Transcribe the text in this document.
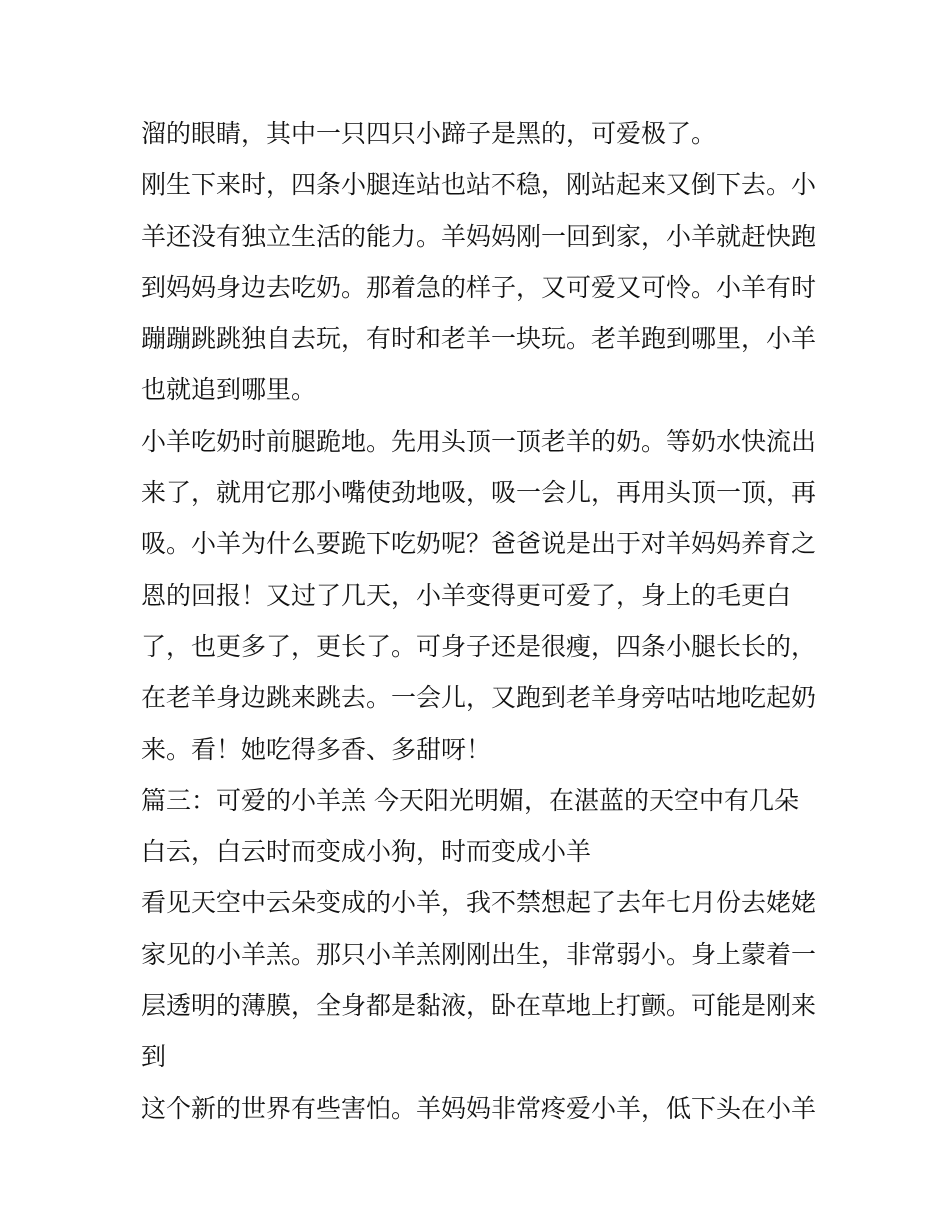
溜的眼睛，其中一只四只小蹄子是黑的，可爱极了。
刚生下来时，四条小腿连站也站不稳，刚站起来又倒下去。小
羊还没有独立生活的能力。羊妈妈刚一回到家，小羊就赶快跑
到妈妈身边去吃奶。那着急的样子，又可爱又可怜。小羊有时
蹦蹦跳跳独自去玩，有时和老羊一块玩。老羊跑到哪里，小羊
也就追到哪里。
小羊吃奶时前腿跪地。先用头顶一顶老羊的奶。等奶水快流出
来了，就用它那小嘴使劲地吸，吸一会儿，再用头顶一顶，再
吸。小羊为什么要跪下吃奶呢？爸爸说是出于对羊妈妈养育之
恩的回报！又过了几天，小羊变得更可爱了，身上的毛更白
了，也更多了，更长了。可身子还是很瘦，四条小腿长长的，
在老羊身边跳来跳去。一会儿，又跑到老羊身旁咕咕地吃起奶
来。看！她吃得多香、多甜呀！
篇三：可爱的小羊羔 今天阳光明媚，在湛蓝的天空中有几朵
白云，白云时而变成小狗，时而变成小羊
看见天空中云朵变成的小羊，我不禁想起了去年七月份去姥姥
家见的小羊羔。那只小羊羔刚刚出生，非常弱小。身上蒙着一
层透明的薄膜，全身都是黏液，卧在草地上打颤。可能是刚来
到
这个新的世界有些害怕。羊妈妈非常疼爱小羊，低下头在小羊
